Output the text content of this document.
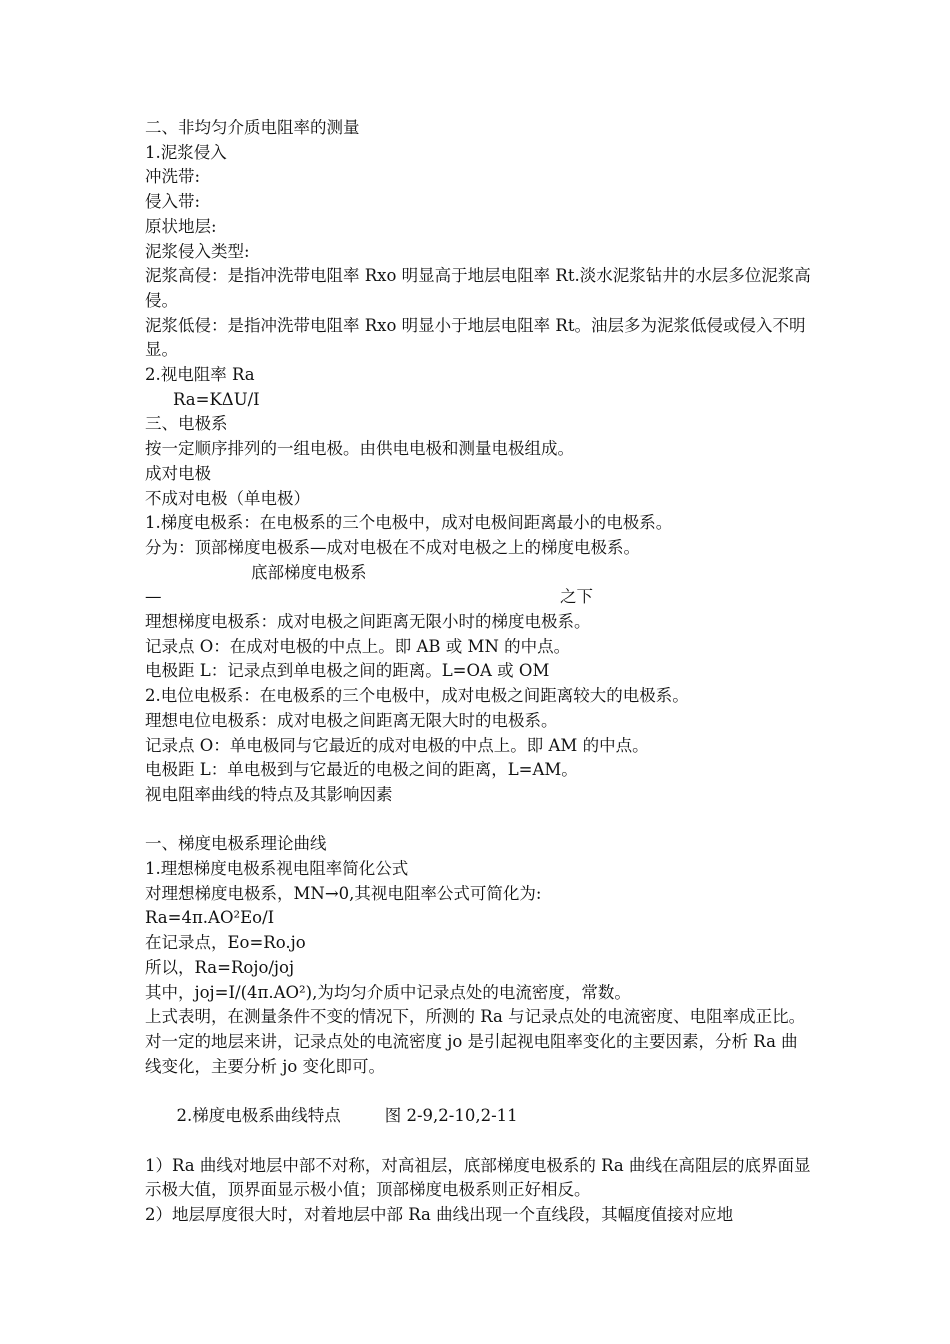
二、非均匀介质电阻率的测量
1.泥浆侵入
冲洗带:
侵入带:
原状地层:
泥浆侵入类型:
泥浆高侵：是指冲洗带电阻率 Rxo 明显高于地层电阻率 Rt.淡水泥浆钻井的水层多位泥浆高侵。
泥浆低侵：是指冲洗带电阻率 Rxo 明显小于地层电阻率 Rt。油层多为泥浆低侵或侵入不明显。
2.视电阻率 Ra
Ra=KΔU/I
三、电极系
按一定顺序排列的一组电极。由供电电极和测量电极组成。
成对电极
不成对电极（单电极）
1.梯度电极系：在电极系的三个电极中，成对电极间距离最小的电极系。
分为：顶部梯度电极系—成对电极在不成对电极之上的梯度电极系。
底部梯度电极系
—	之下
理想梯度电极系：成对电极之间距离无限小时的梯度电极系。
记录点 O：在成对电极的中点上。即 AB 或 MN 的中点。
电极距 L：记录点到单电极之间的距离。L=OA 或 OM
2.电位电极系：在电极系的三个电极中，成对电极之间距离较大的电极系。
理想电位电极系：成对电极之间距离无限大时的电极系。
记录点 O：单电极同与它最近的成对电极的中点上。即 AM 的中点。
电极距 L：单电极到与它最近的电极之间的距离，L=AM。
视电阻率曲线的特点及其影响因素
一、梯度电极系理论曲线
1.理想梯度电极系视电阻率简化公式
对理想梯度电极系，MN→0,其视电阻率公式可简化为:
Ra=4π.AO²Eo/I
在记录点，Eo=Ro.jo
所以，Ra=Rojo/joj
其中，joj=I/(4π.AO²),为均匀介质中记录点处的电流密度，常数。
上式表明，在测量条件不变的情况下，所测的 Ra 与记录点处的电流密度、电阻率成正比。
对一定的地层来讲，记录点处的电流密度 jo 是引起视电阻率变化的主要因素，分析 Ra 曲线变化，主要分析 jo 变化即可。

2.梯度电极系曲线特点	图 2-9,2-10,2-11

1）Ra 曲线对地层中部不对称，对高祖层，底部梯度电极系的 Ra 曲线在高阻层的底界面显示极大值，顶界面显示极小值；顶部梯度电极系则正好相反。
2）地层厚度很大时，对着地层中部 Ra 曲线出现一个直线段，其幅度值接对应地
